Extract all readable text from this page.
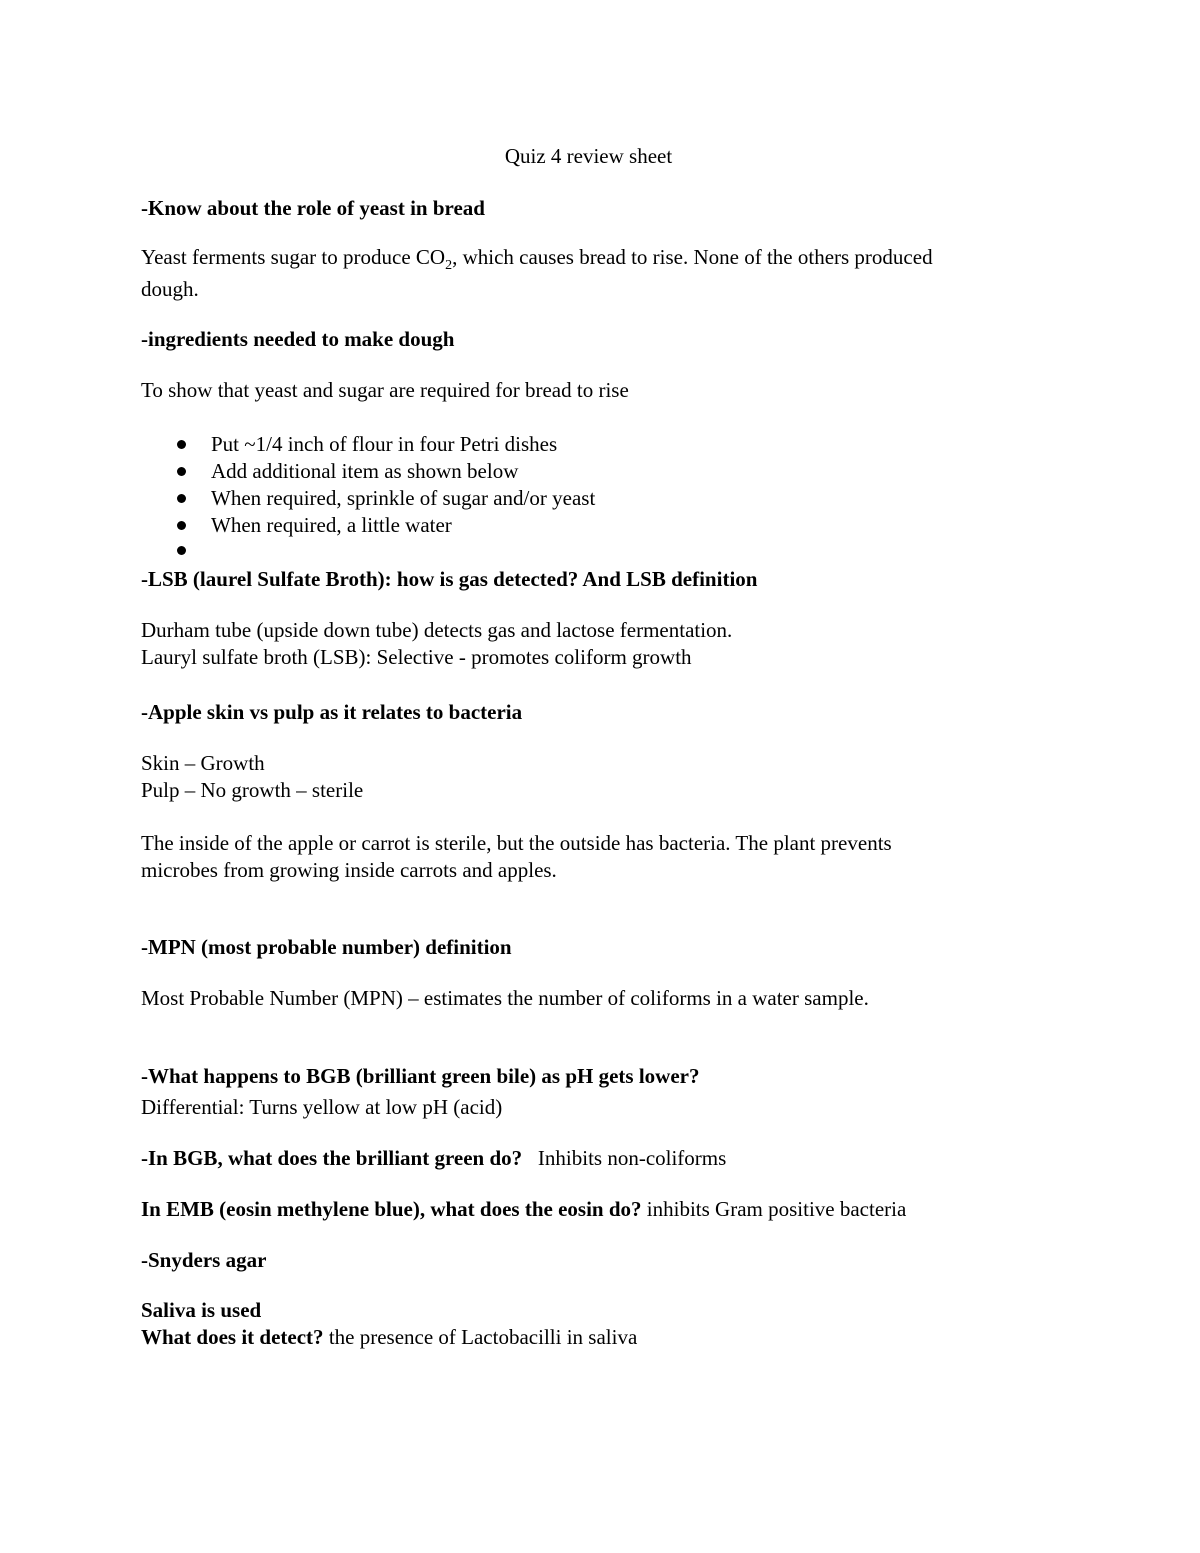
Quiz 4 review sheet
-Know about the role of yeast in bread
Yeast ferments sugar to produce $CO_2$, which causes bread to rise. None of the others produced
dough.
-ingredients needed to make dough
To show that yeast and sugar are required for bread to rise
Put ~1/4 inch of flour in four Petri dishes
Add additional item as shown below
When required, sprinkle of sugar and/or yeast
When required, a little water
-LSB (laurel Sulfate Broth): how is gas detected? And LSB definition
Durham tube (upside down tube) detects gas and lactose fermentation.
Lauryl sulfate broth (LSB): Selective - promotes coliform growth
-Apple skin vs pulp as it relates to bacteria
Skin – Growth
Pulp – No growth – sterile
The inside of the apple or carrot is sterile, but the outside has bacteria. The plant prevents
microbes from growing inside carrots and apples.
-MPN (most probable number) definition
Most Probable Number (MPN) – estimates the number of coliforms in a water sample.
-What happens to BGB (brilliant green bile) as pH gets lower?
Differential: Turns yellow at low pH (acid)
-In BGB, what does the brilliant green do? Inhibits non-coliforms
In EMB (eosin methylene blue), what does the eosin do? inhibits Gram positive bacteria
-Snyders agar
Saliva is used
What does it detect? the presence of Lactobacilli in saliva
